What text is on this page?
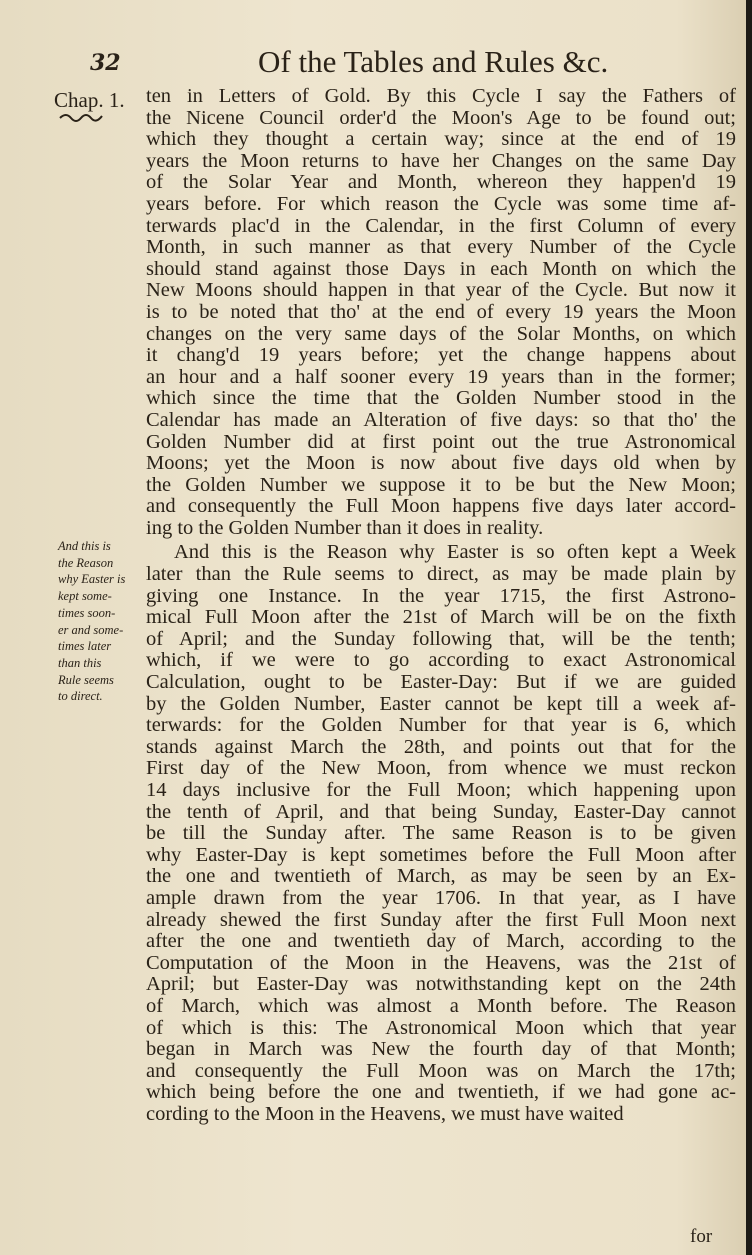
32	Of the Tables and Rules &c.
Chap. 1. ten in Letters of Gold. By this Cycle I say the Fathers of
the Nicene Council order'd the Moon's Age to be found out;
which they thought a certain way; since at the end of 19
years the Moon returns to have her Changes on the same Day
of the Solar Year and Month, whereon they happen'd 19
years before. For which reason the Cycle was some time af-
terwards plac'd in the Calendar, in the first Column of every
Month, in such manner as that every Number of the Cycle
should stand against those Days in each Month on which the
New Moons should happen in that year of the Cycle. But now it
is to be noted that tho' at the end of every 19 years the Moon
changes on the very same days of the Solar Months, on which
it chang'd 19 years before; yet the change happens about
an hour and a half sooner every 19 years than in the former;
which since the time that the Golden Number stood in the
Calendar has made an Alteration of five days: so that tho' the
Golden Number did at first point out the true Astronomical
Moons; yet the Moon is now about five days old when by
the Golden Number we suppose it to be but the New Moon;
and consequently the Full Moon happens five days later accord-
ing to the Golden Number than it does in reality.
And this is the Reason why Easter is so often kept a Week
later than the Rule seems to direct, as may be made plain by
giving one Instance. In the year 1715, the first Astrono-
mical Full Moon after the 21st of March will be on the fixth
of April; and the Sunday following that, will be the tenth;
which, if we were to go according to exact Astronomical
Calculation, ought to be Easter-Day: But if we are guided
by the Golden Number, Easter cannot be kept till a week af-
terwards: for the Golden Number for that year is 6, which
stands against March the 28th, and points out that for the
First day of the New Moon, from whence we must reckon
14 days inclusive for the Full Moon; which happening upon
the tenth of April, and that being Sunday, Easter-Day cannot
be till the Sunday after. The same Reason is to be given
why Easter-Day is kept sometimes before the Full Moon after
the one and twentieth of March, as may be seen by an Ex-
ample drawn from the year 1706. In that year, as I have
already shewed the first Sunday after the first Full Moon next
after the one and twentieth day of March, according to the
Computation of the Moon in the Heavens, was the 21st of
April; but Easter-Day was notwithstanding kept on the 24th
of March, which was almost a Month before. The Reason
of which is this: The Astronomical Moon which that year
began in March was New the fourth day of that Month;
and consequently the Full Moon was on March the 17th;
which being before the one and twentieth, if we had gone ac-
cording to the Moon in the Heavens, we must have waited
And this is
the Reason
why Easter is
kept some-
times soon-
er and some-
times later
than this
Rule seems
to direct.
for
